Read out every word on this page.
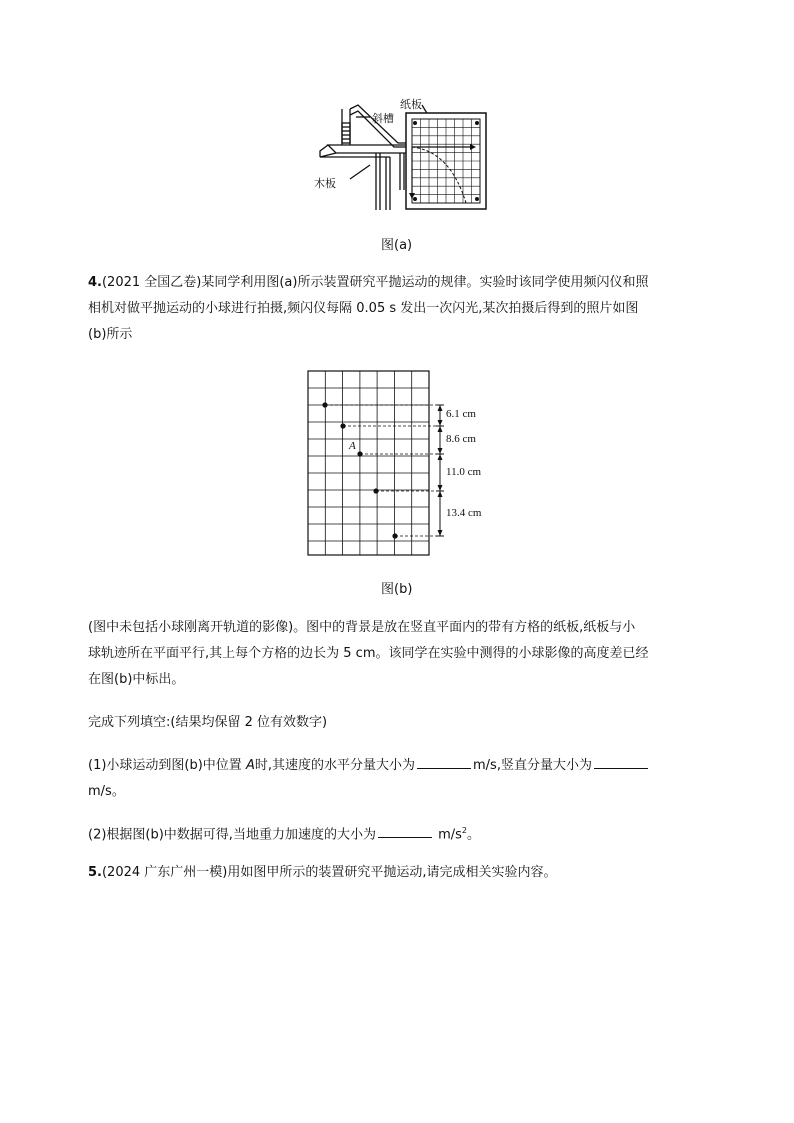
纸板
斜槽
木板
图(a)
4.(2021 全国乙卷)某同学利用图(a)所示装置研究平抛运动的规律。实验时该同学使用频闪仪和照
相机对做平抛运动的小球进行拍摄,频闪仪每隔 0.05 s 发出一次闪光,某次拍摄后得到的照片如图
(b)所示
A
6.1 cm
8.6 cm
11.0 cm
13.4 cm
图(b)
(图中未包括小球刚离开轨道的影像)。图中的背景是放在竖直平面内的带有方格的纸板,纸板与小
球轨迹所在平面平行,其上每个方格的边长为 5 cm。该同学在实验中测得的小球影像的高度差已经
在图(b)中标出。
完成下列填空:(结果均保留 2 位有效数字)
(1)小球运动到图(b)中位置 A时,其速度的水平分量大小为	m/s,竖直分量大小为
m/s。
(2)根据图(b)中数据可得,当地重力加速度的大小为	$m/s^2$。
5.(2024 广东广州一模)用如图甲所示的装置研究平抛运动,请完成相关实验内容。
